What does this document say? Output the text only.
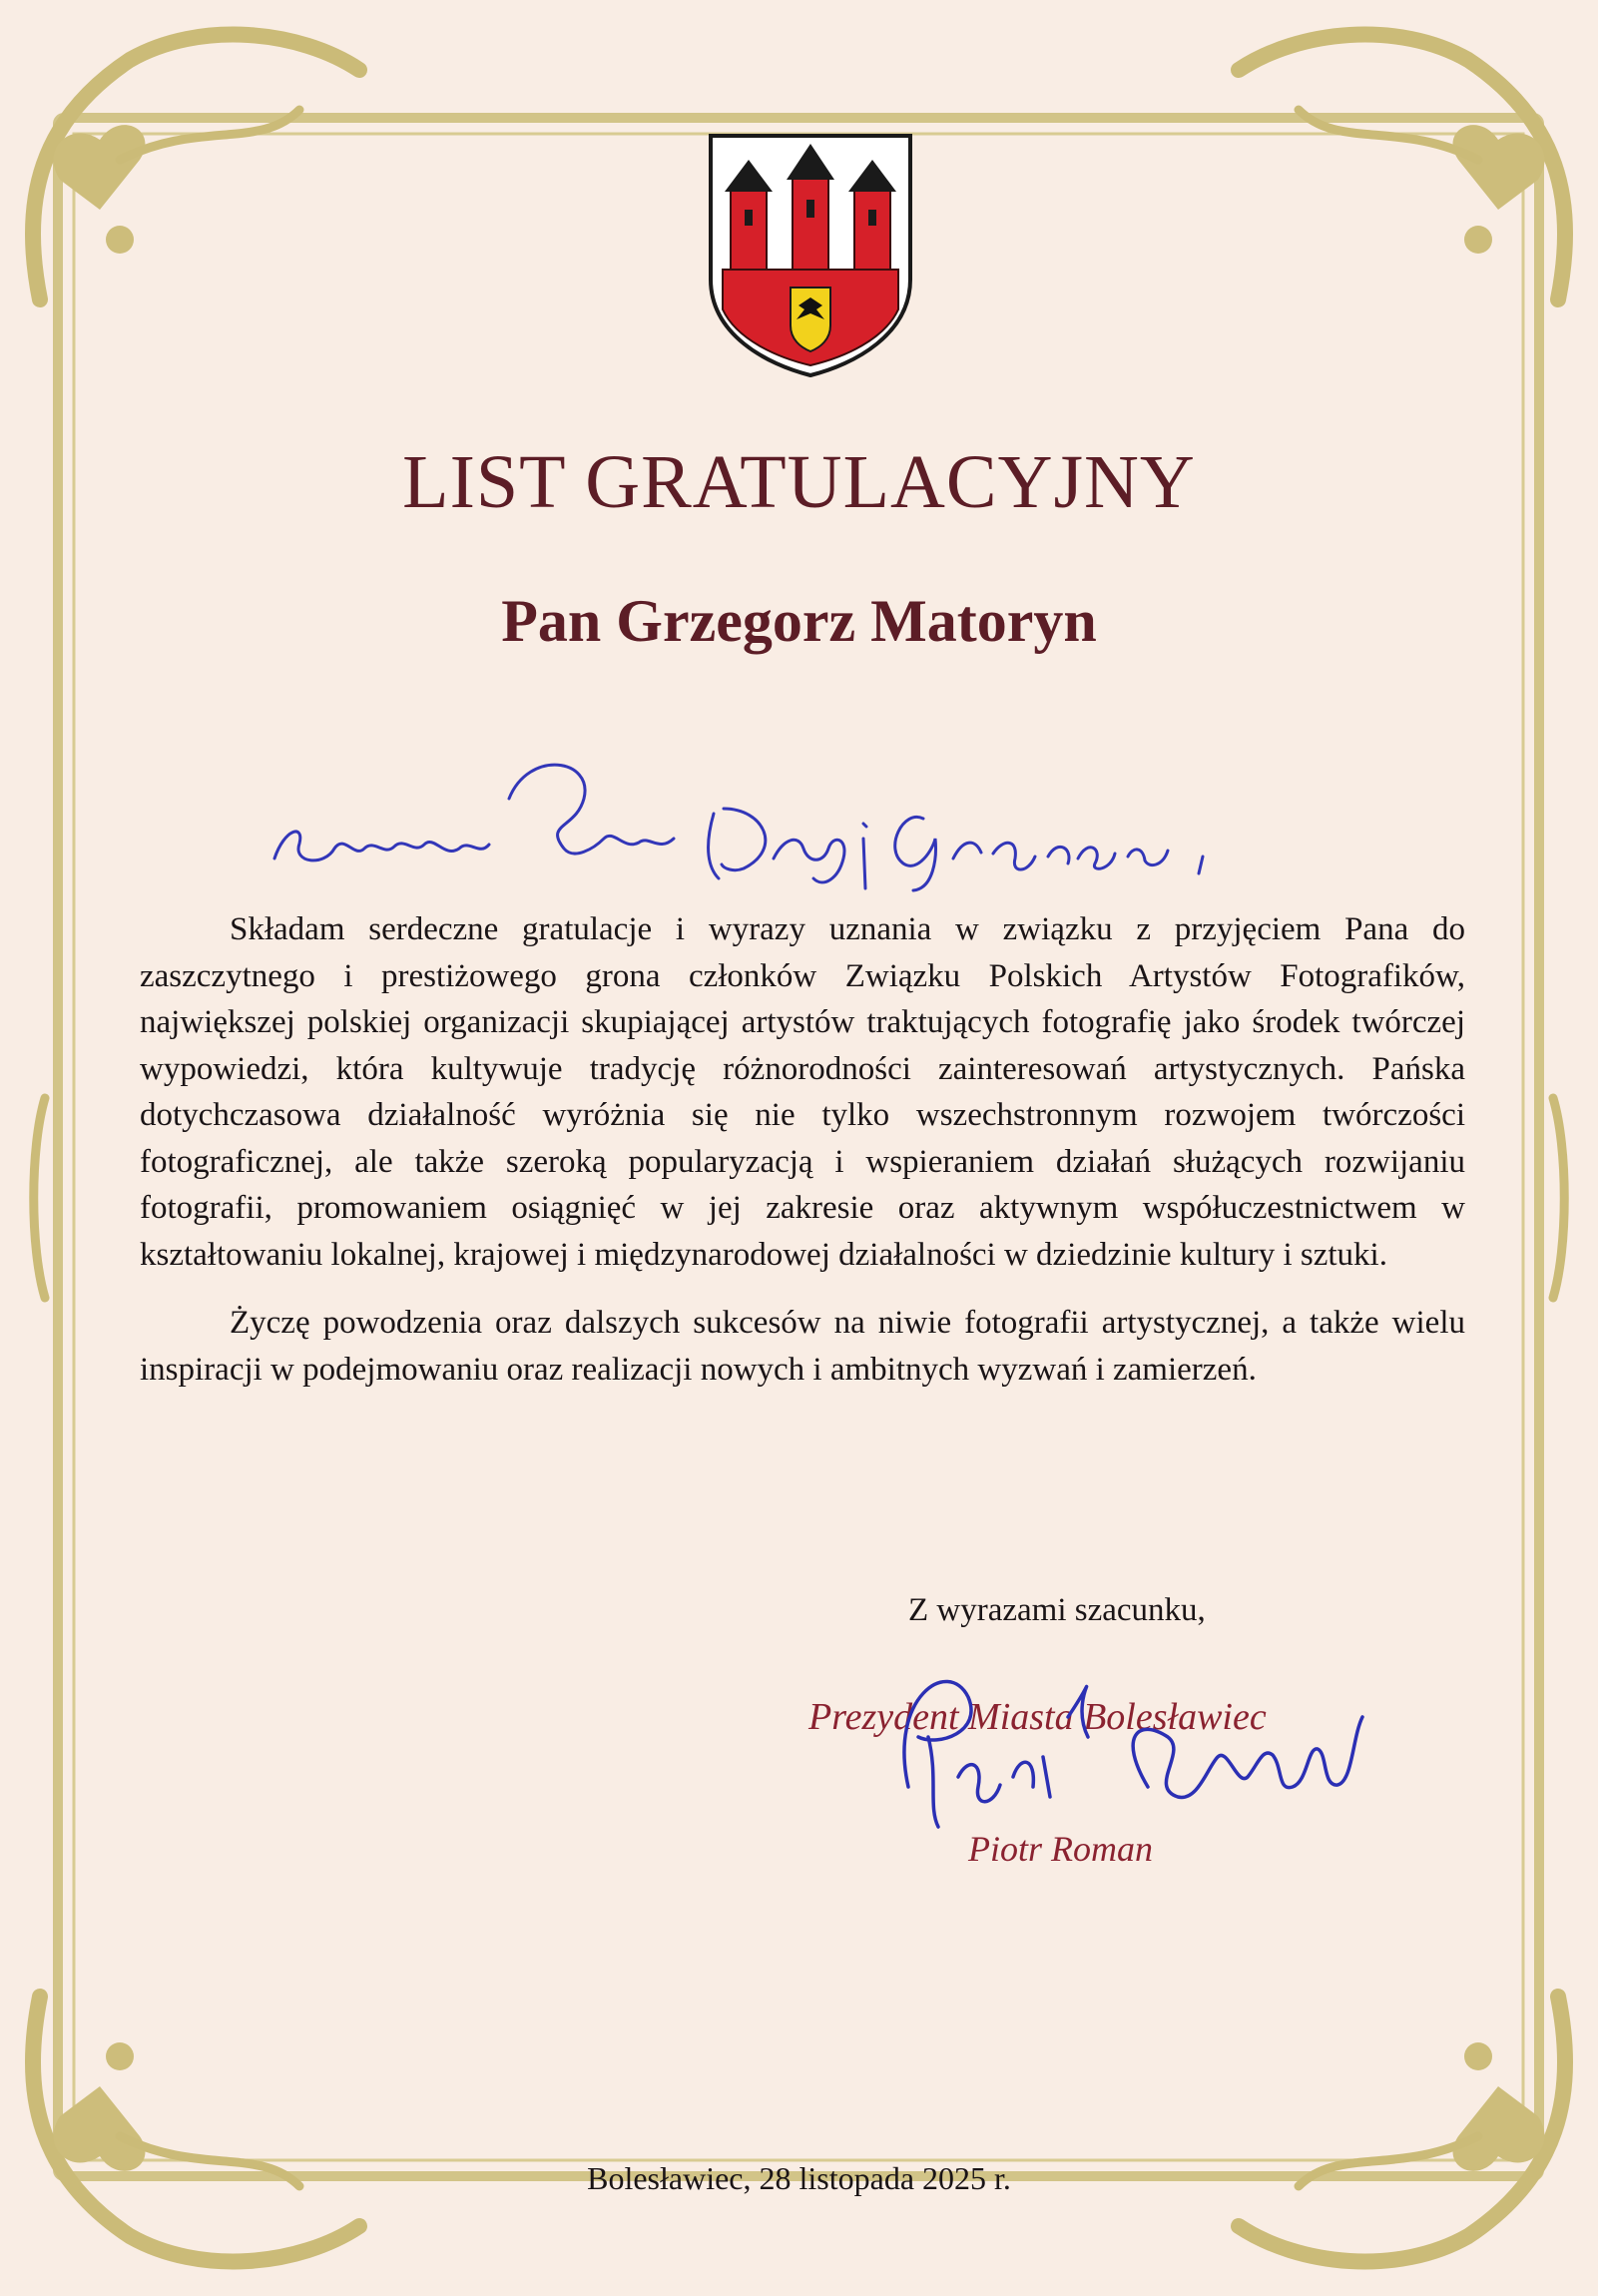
LIST GRATULACYJNY
Pan Grzegorz Matoryn

Składam serdeczne gratulacje i wyrazy uznania w związku z przyjęciem Pana do zaszczytnego i prestiżowego grona członków Związku Polskich Artystów Fotografików, największej polskiej organizacji skupiającej artystów traktujących fotografię jako środek twórczej wypowiedzi, która kultywuje tradycję różnorodności zainteresowań artystycznych. Pańska dotychczasowa działalność wyróżnia się nie tylko wszechstronnym rozwojem twórczości fotograficznej, ale także szeroką popularyzacją i wspieraniem działań służących rozwijaniu fotografii, promowaniem osiągnięć w jej zakresie oraz aktywnym współuczestnictwem w kształtowaniu lokalnej, krajowej i międzynarodowej działalności w dziedzinie kultury i sztuki.

Życzę powodzenia oraz dalszych sukcesów na niwie fotografii artystycznej, a także wielu inspiracji w podejmowaniu oraz realizacji nowych i ambitnych wyzwań i zamierzeń.

Z wyrazami szacunku,
Prezydent Miasta Bolesławiec
Piotr Roman
Bolesławiec, 28 listopada 2025 r.
